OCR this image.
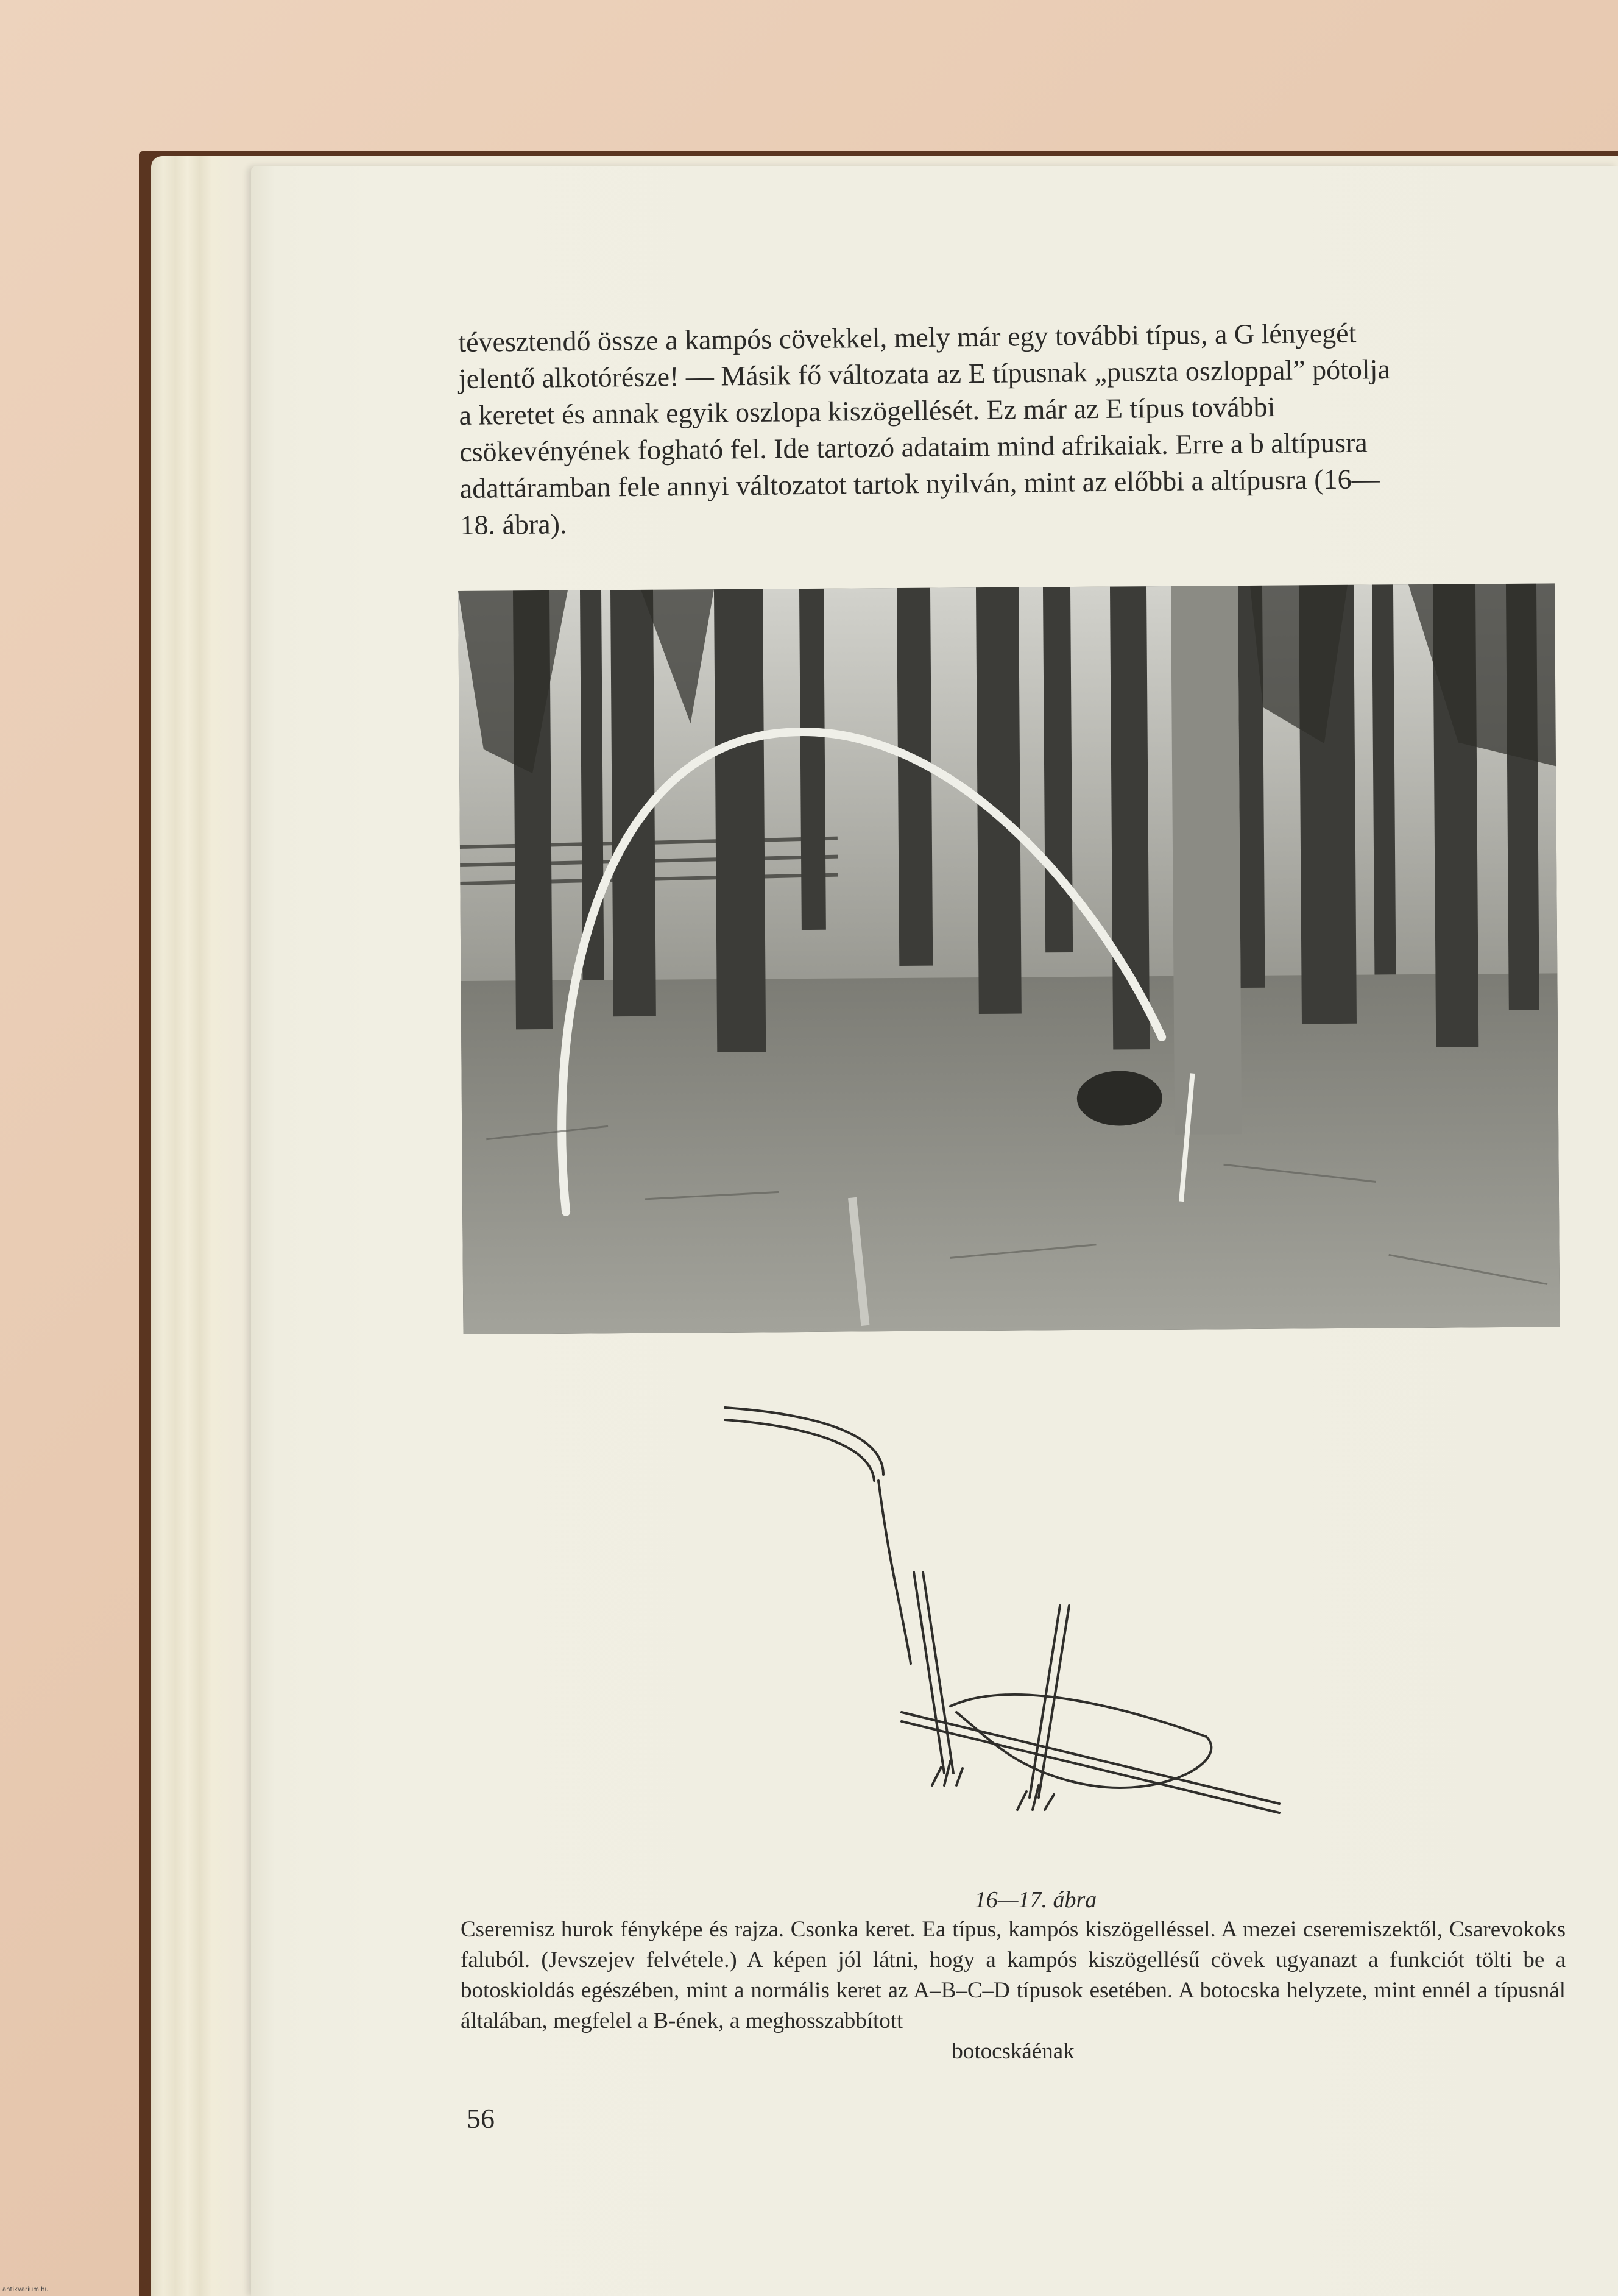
tévesztendő össze a kampós cövekkel, mely már egy további típus, a G lényegét
jelentő alkotórésze! — Másik fő változata az E típusnak „puszta oszloppal” pótolja
a keretet és annak egyik oszlopa kiszögellését. Ez már az E típus további
csökevényének fogható fel. Ide tartozó adataim mind afrikaiak. Erre a b altípusra
adattáramban fele annyi változatot tartok nyilván, mint az előbbi a altípusra (16—
18. ábra).
16—17. ábra
Cseremisz hurok fényképe és rajza. Csonka keret. Ea típus, kampós kiszögelléssel. A mezei cseremiszektől, Csarevokoks faluból. (Jevszejev felvétele.) A képen jól látni, hogy a kampós kiszögellésű cövek ugyanazt a funkciót tölti be a botoskioldás egészében, mint a normális keret az A–B–C–D típusok esetében. A botocska helyzete, mint ennél a típusnál általában, megfelel a B-ének, a meghosszabbított
botocskáénak
56
antikvarium.hu
